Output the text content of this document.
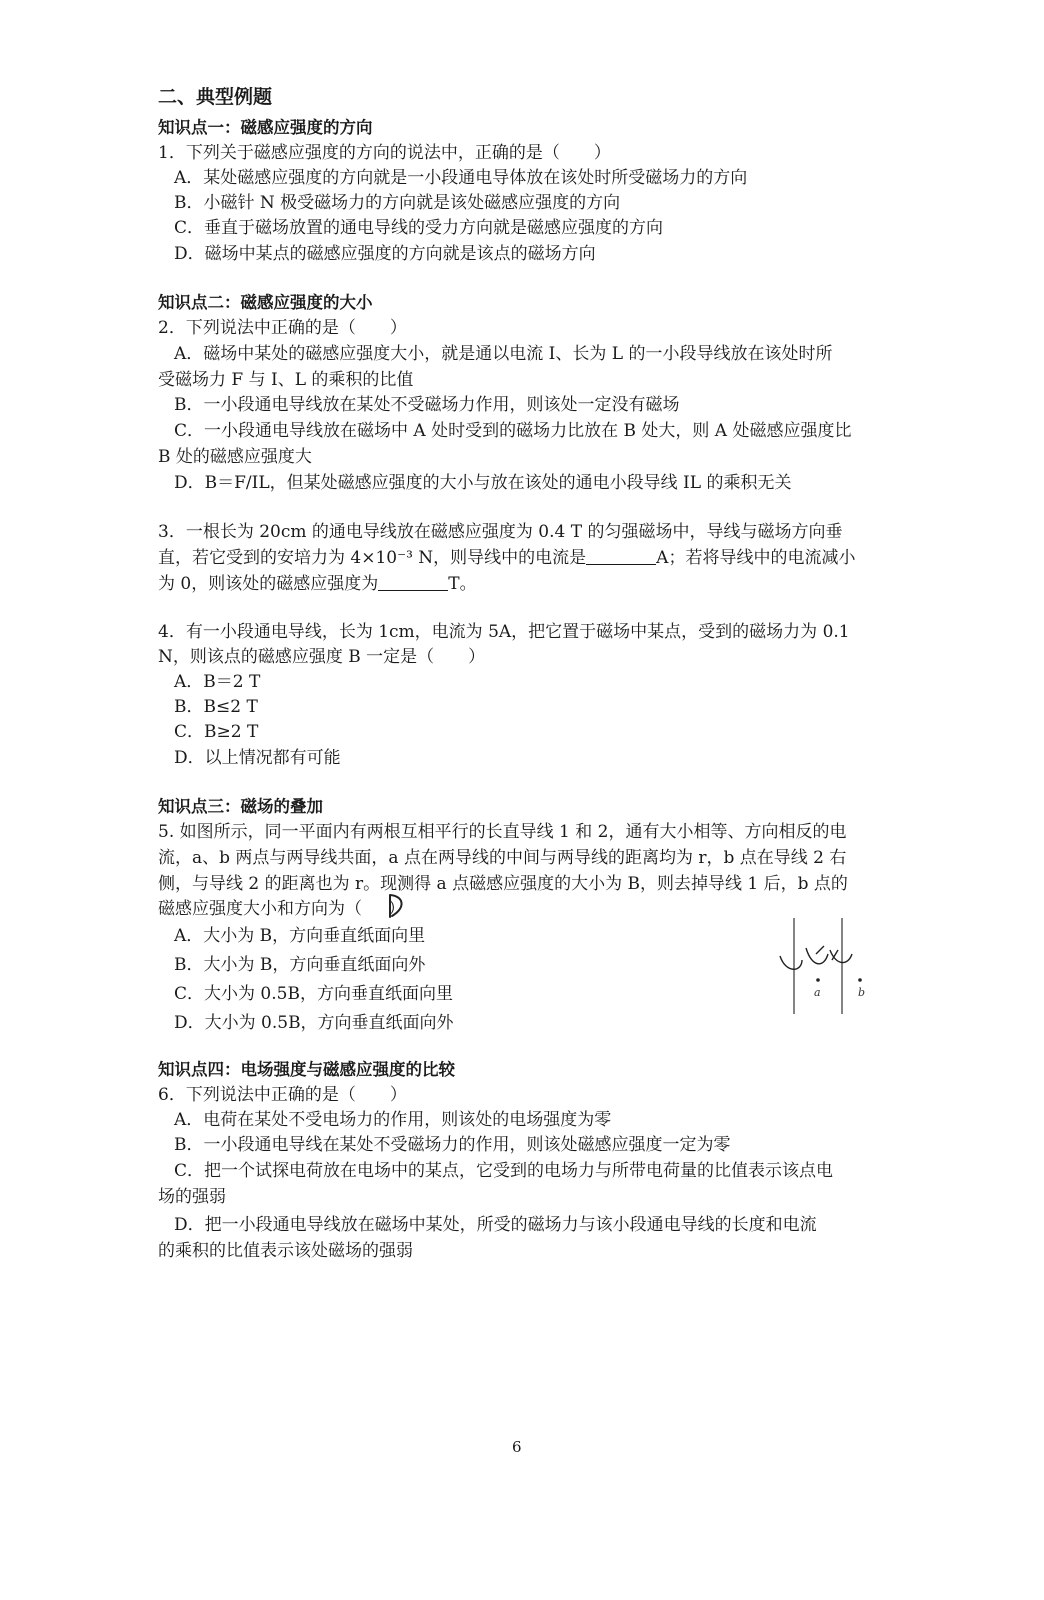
二、典型例题
知识点一：磁感应强度的方向
1．下列关于磁感应强度的方向的说法中，正确的是（　　）
A．某处磁感应强度的方向就是一小段通电导体放在该处时所受磁场力的方向
B．小磁针 N 极受磁场力的方向就是该处磁感应强度的方向
C．垂直于磁场放置的通电导线的受力方向就是磁感应强度的方向
D．磁场中某点的磁感应强度的方向就是该点的磁场方向
知识点二：磁感应强度的大小
2．下列说法中正确的是（　　）
A．磁场中某处的磁感应强度大小，就是通以电流 I、长为 L 的一小段导线放在该处时所
受磁场力 F 与 I、L 的乘积的比值
B．一小段通电导线放在某处不受磁场力作用，则该处一定没有磁场
C．一小段通电导线放在磁场中 A 处时受到的磁场力比放在 B 处大，则 A 处磁感应强度比
B 处的磁感应强度大
D．B＝F/IL，但某处磁感应强度的大小与放在该处的通电小段导线 IL 的乘积无关
3．一根长为 20cm 的通电导线放在磁感应强度为 0.4 T 的匀强磁场中，导线与磁场方向垂
直，若它受到的安培力为 4×10⁻³ N，则导线中的电流是	A；若将导线中的电流减小
为 0，则该处的磁感应强度为	T。
4．有一小段通电导线，长为 1cm，电流为 5A，把它置于磁场中某点，受到的磁场力为 0.1
N，则该点的磁感应强度 B 一定是（　　）
A．B＝2 T
B．B≤2 T
C．B≥2 T
D．以上情况都有可能
知识点三：磁场的叠加
5. 如图所示，同一平面内有两根互相平行的长直导线 1 和 2，通有大小相等、方向相反的电
流，a、b 两点与两导线共面，a 点在两导线的中间与两导线的距离均为 r，b 点在导线 2 右
侧，与导线 2 的距离也为 r。现测得 a 点磁感应强度的大小为 B，则去掉导线 1 后，b 点的
磁感应强度大小和方向为（ ）
A．大小为 B，方向垂直纸面向里
B．大小为 B，方向垂直纸面向外
C．大小为 0.5B，方向垂直纸面向里
D．大小为 0.5B，方向垂直纸面向外
a	b
知识点四：电场强度与磁感应强度的比较
6．下列说法中正确的是（　　）
A．电荷在某处不受电场力的作用，则该处的电场强度为零
B．一小段通电导线在某处不受磁场力的作用，则该处磁感应强度一定为零
C．把一个试探电荷放在电场中的某点，它受到的电场力与所带电荷量的比值表示该点电
场的强弱
D．把一小段通电导线放在磁场中某处，所受的磁场力与该小段通电导线的长度和电流
的乘积的比值表示该处磁场的强弱
6
